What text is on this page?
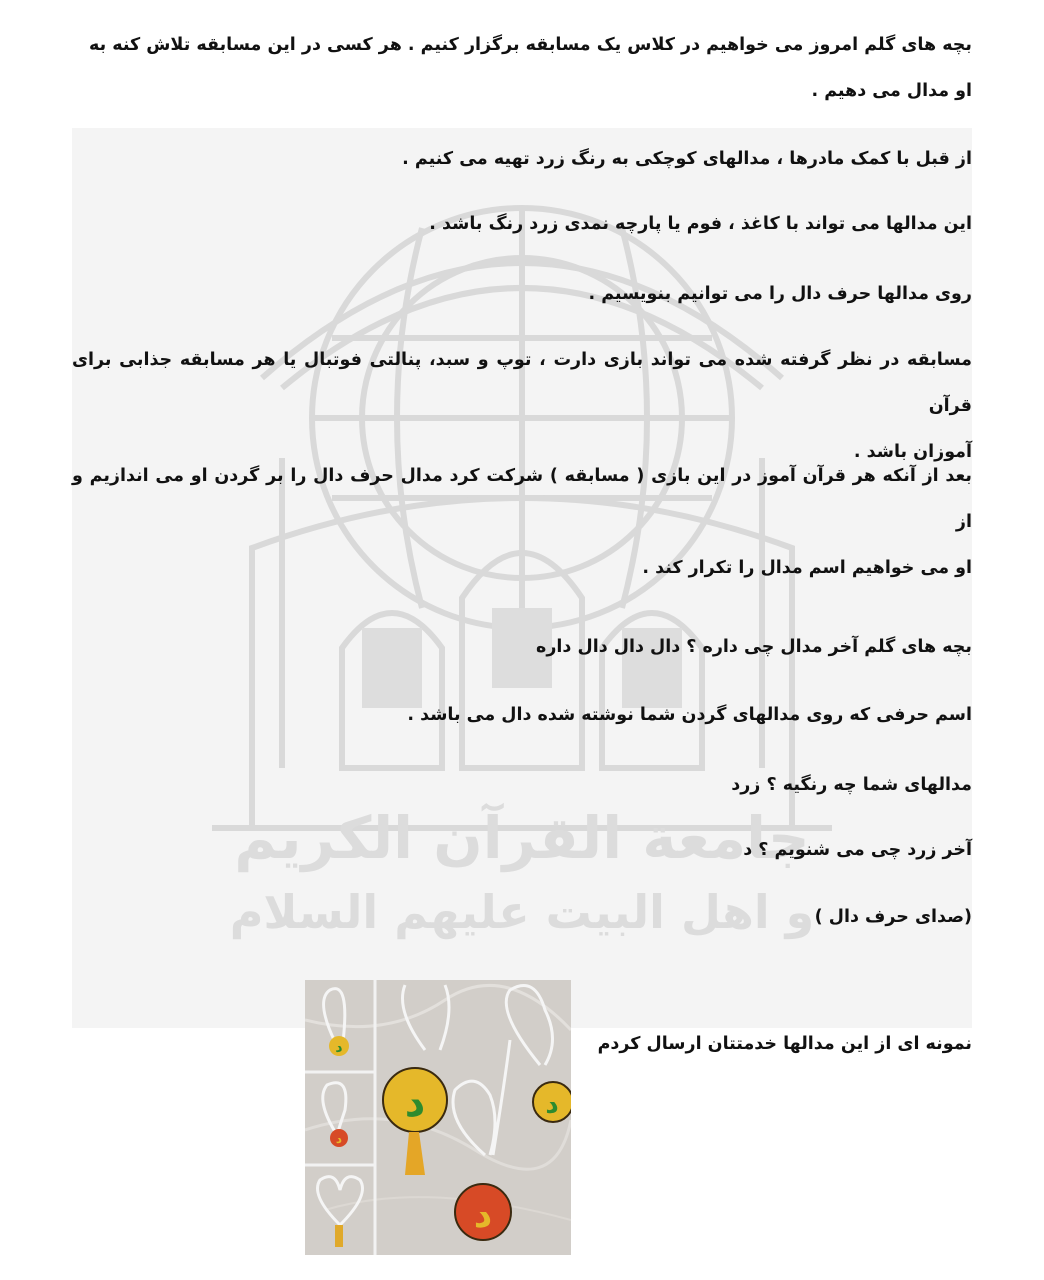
جامعة القرآن الكريم
و اهل البيت عليهم السلام
بچه های گلم امروز می خواهیم در کلاس یک مسابقه برگزار کنیم . هر کسی در این مسابقه تلاش کنه به
او مدال می دهیم .
از قبل با کمک مادرها ، مدالهای کوچکی به رنگ زرد تهیه می کنیم .
این مدالها می تواند با کاغذ ، فوم یا پارچه نمدی زرد رنگ باشد .
روی مدالها حرف دال را می توانیم بنویسیم .
مسابقه در نظر گرفته شده می تواند بازی دارت ، توپ و سبد، پنالتی فوتبال یا هر مسابقه جذابی برای قرآن
آموزان باشد .
بعد از آنکه هر قرآن آموز در این بازی ( مسابقه ) شرکت کرد مدال حرف دال را بر گردن او می اندازیم و از
او می خواهیم اسم مدال را تکرار کند .
بچه های گلم آخر مدال چی داره ؟ دال دال دال داره
اسم حرفی که روی مدالهای گردن شما نوشته شده دال می باشد .
مدالهای شما چه رنگیه ؟ زرد
آخر زرد چی می شنویم ؟ د
(صدای حرف دال )
نمونه ای از این مدالها خدمتتان ارسال کردم
د
د
د	د
د
